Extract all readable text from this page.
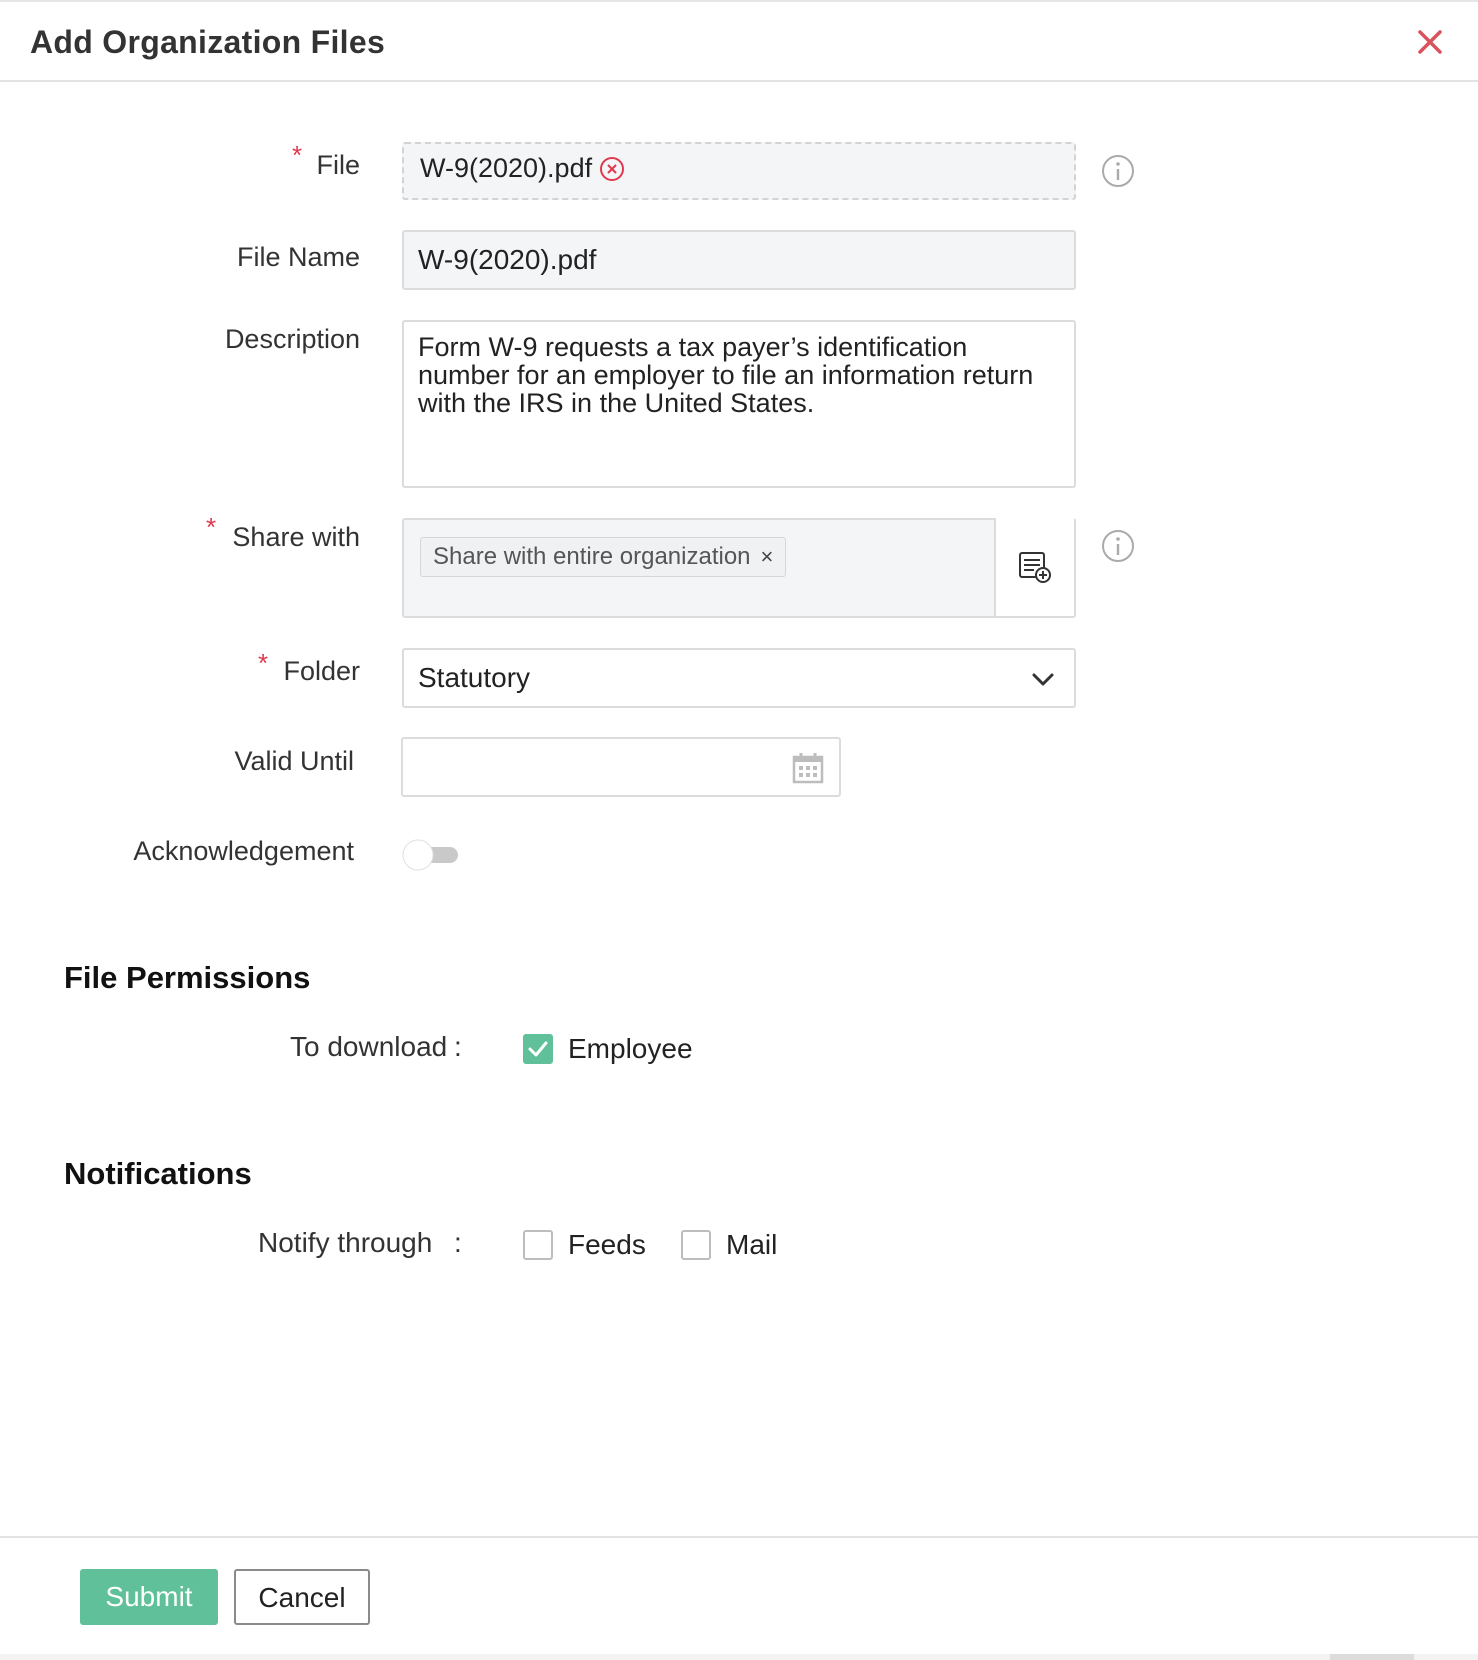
Add Organization Files
* File W-9(2020).pdf
File Name W-9(2020).pdf
Description Form W-9 requests a tax payer’s identification number for an employer to file an information return with the IRS in the United States.
* Share with
Share with entire organization ×
* Folder Statutory
Valid Until
Acknowledgement
File Permissions
To download :	Employee
Notifications
Notify through :	Feeds	Mail
Submit	Cancel
